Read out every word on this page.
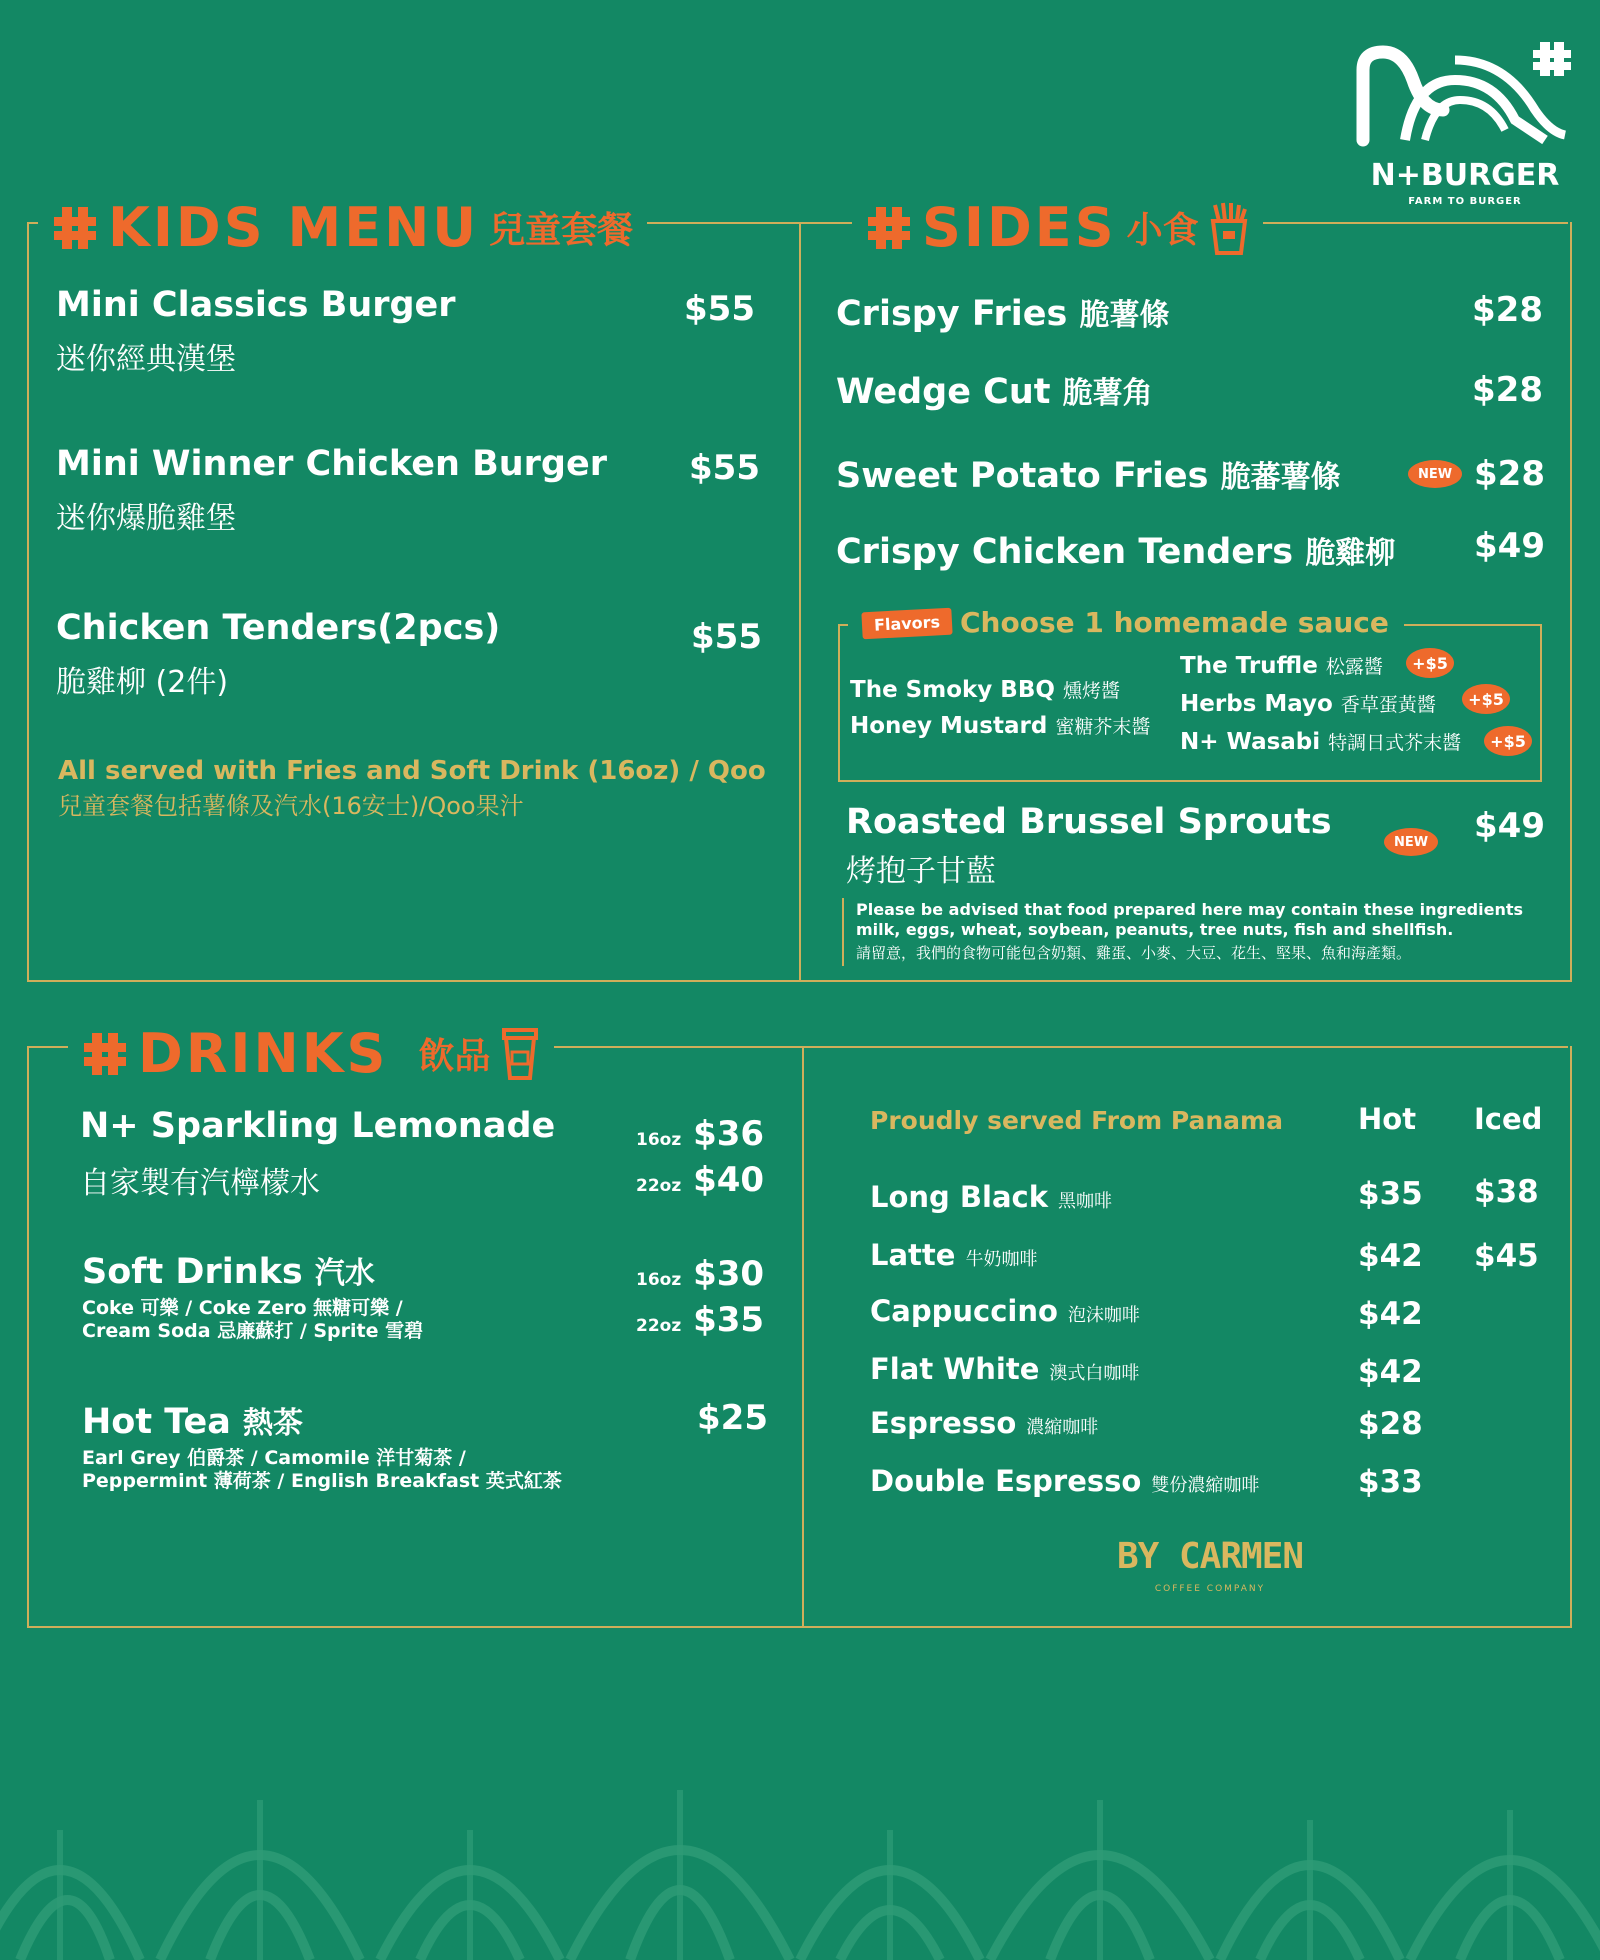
N+BURGER
FARM TO BURGER
KIDS MENU 兒童套餐	SIDES 小食
Mini Classics Burger
迷你經典漢堡
$55
Mini Winner Chicken Burger
迷你爆脆雞堡
$55
Chicken Tenders(2pcs)
脆雞柳 (2件)
$55
All served with Fries and Soft Drink (16oz) / Qoo
兒童套餐包括薯條及汽水(16安士)/Qoo果汁
Crispy Fries 脆薯條	$28
Wedge Cut 脆薯角	$28
Sweet Potato Fries 脆蕃薯條	NEW $28
Crispy Chicken Tenders 脆雞柳 $49
Flavors Choose 1 homemade sauce
The Smoky BBQ 燻烤醬
Honey Mustard 蜜糖芥末醬
The Truffle 松露醬	+$5
Herbs Mayo 香草蛋黃醬	+$5
N+ Wasabi 特調日式芥末醬	+$5
Roasted Brussel Sprouts	NEW $49
烤抱子甘藍
Please be advised that food prepared here may contain these ingredients
milk, eggs, wheat, soybean, peanuts, tree nuts, fish and shellfish.
請留意，我們的食物可能包含奶類、雞蛋、小麥、大豆、花生、堅果、魚和海產類。
DRINKS 飲品
N+ Sparkling Lemonade
自家製有汽檸檬水
16oz $36
22oz $40
Soft Drinks 汽水
Coke 可樂 / Coke Zero 無糖可樂 /
Cream Soda 忌廉蘇打 / Sprite 雪碧
16oz $30
22oz $35
Hot Tea 熱茶	$25
Earl Grey 伯爵茶 / Camomile 洋甘菊茶 /
Peppermint 薄荷茶 / English Breakfast 英式紅茶
Proudly served From Panama	Hot Iced
Long Black 黑咖啡	$35 $38
Latte 牛奶咖啡	$42 $45
Cappuccino 泡沫咖啡	$42
Flat White 澳式白咖啡	$42
Espresso 濃縮咖啡	$28
Double Espresso 雙份濃縮咖啡	$33
BY CARMEN
COFFEE COMPANY
